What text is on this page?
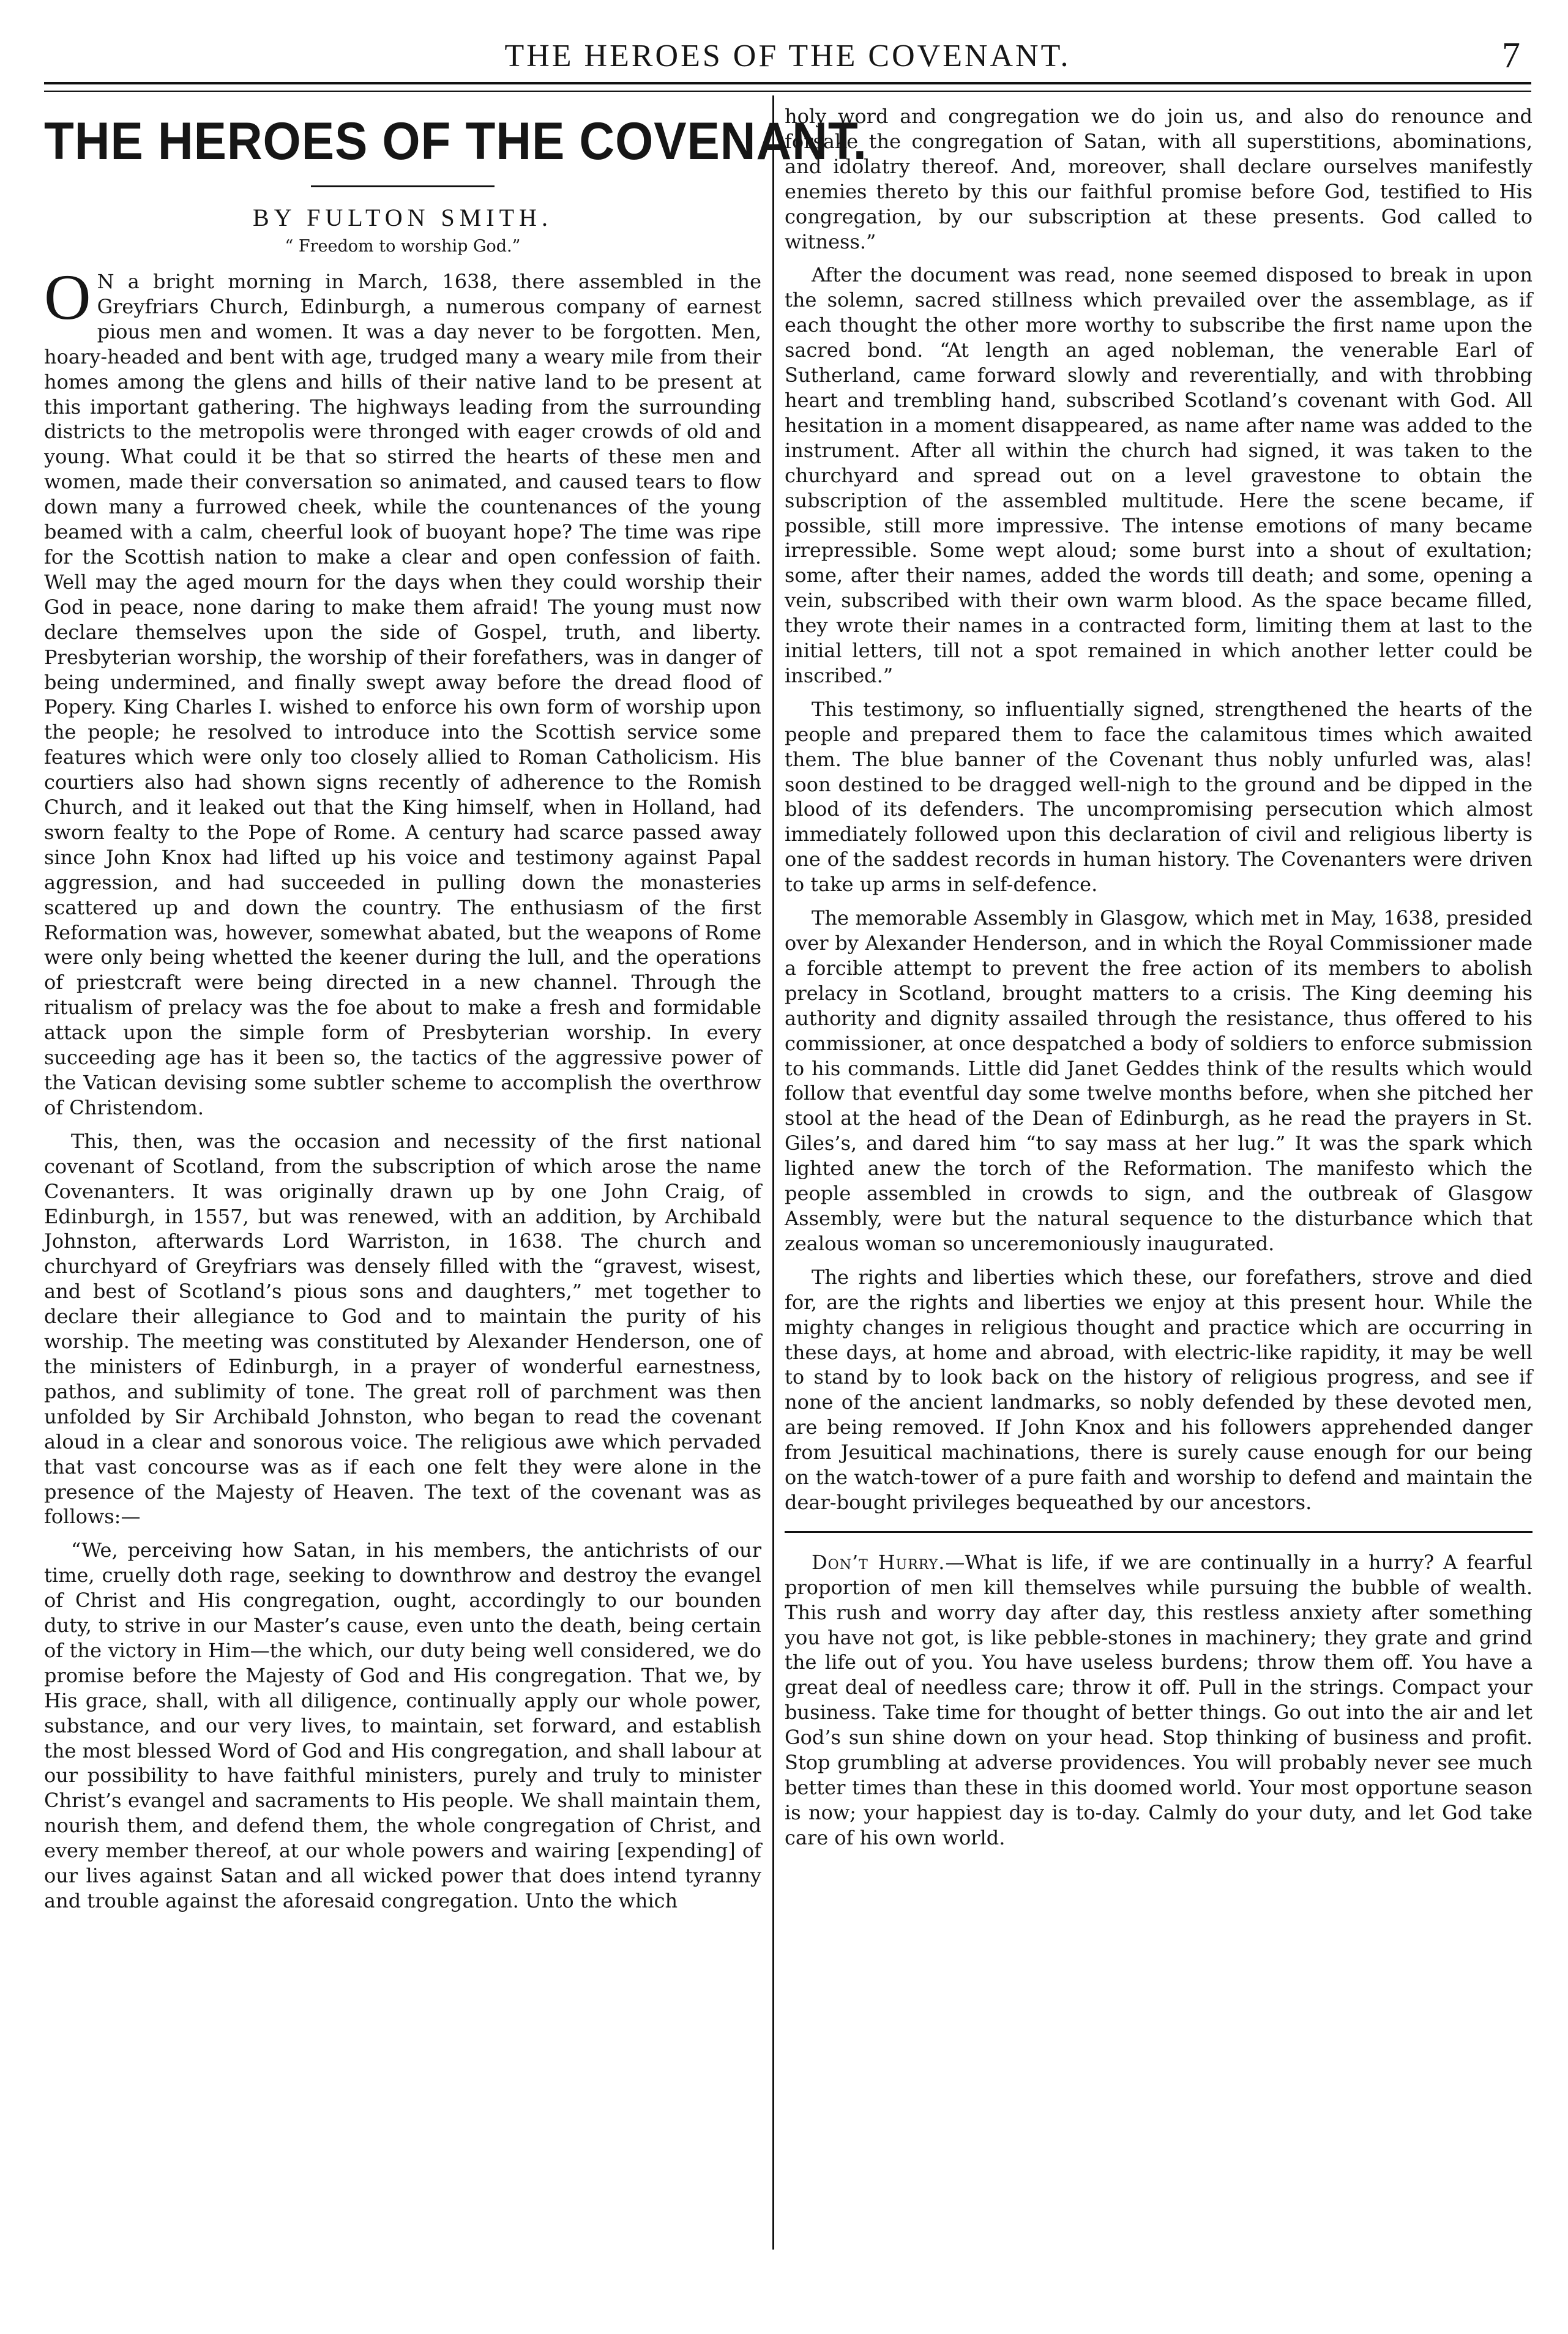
THE HEROES OF THE COVENANT.	7
THE HEROES OF THE COVENANT.
BY FULTON SMITH.
“ Freedom to worship God.”

O N a bright morning in March, 1638, there assembled in the Greyfriars Church, Edinburgh, a numerous company of earnest pious men and women. It was a day never to be forgotten. Men, hoary-headed and bent with age, trudged many a weary mile from their homes among the glens and hills of their native land to be present at this important gathering. The highways leading from the surrounding districts to the metropolis were thronged with eager crowds of old and young. What could it be that so stirred the hearts of these men and women, made their conversation so animated, and caused tears to flow down many a furrowed cheek, while the countenances of the young beamed with a calm, cheerful look of buoyant hope? The time was ripe for the Scottish nation to make a clear and open confession of faith. Well may the aged mourn for the days when they could worship their God in peace, none daring to make them afraid! The young must now declare themselves upon the side of Gospel, truth, and liberty. Presbyterian worship, the worship of their forefathers, was in danger of being undermined, and finally swept away before the dread flood of Popery. King Charles I. wished to enforce his own form of worship upon the people; he resolved to introduce into the Scottish service some features which were only too closely allied to Roman Catholicism. His courtiers also had shown signs recently of adherence to the Romish Church, and it leaked out that the King himself, when in Holland, had sworn fealty to the Pope of Rome. A century had scarce passed away since John Knox had lifted up his voice and testimony against Papal aggression, and had succeeded in pulling down the monasteries scattered up and down the country. The enthusiasm of the first Reformation was, however, somewhat abated, but the weapons of Rome were only being whetted the keener during the lull, and the operations of priestcraft were being directed in a new channel. Through the ritualism of prelacy was the foe about to make a fresh and formidable attack upon the simple form of Presbyterian worship. In every succeeding age has it been so, the tactics of the aggressive power of the Vatican devising some subtler scheme to accomplish the overthrow of Christendom.

This, then, was the occasion and necessity of the first national covenant of Scotland, from the subscription of which arose the name Covenanters. It was originally drawn up by one John Craig, of Edinburgh, in 1557, but was renewed, with an addition, by Archibald Johnston, afterwards Lord Warriston, in 1638. The church and churchyard of Greyfriars was densely filled with the “gravest, wisest, and best of Scotland’s pious sons and daughters,” met together to declare their allegiance to God and to maintain the purity of his worship. The meeting was constituted by Alexander Henderson, one of the ministers of Edinburgh, in a prayer of wonderful earnestness, pathos, and sublimity of tone. The great roll of parchment was then unfolded by Sir Archibald Johnston, who began to read the covenant aloud in a clear and sonorous voice. The religious awe which pervaded that vast concourse was as if each one felt they were alone in the presence of the Majesty of Heaven. The text of the covenant was as follows:—

“We, perceiving how Satan, in his members, the antichrists of our time, cruelly doth rage, seeking to downthrow and destroy the evangel of Christ and His congregation, ought, accordingly to our bounden duty, to strive in our Master’s cause, even unto the death, being certain of the victory in Him—the which, our duty being well considered, we do promise before the Majesty of God and His congregation. That we, by His grace, shall, with all diligence, continually apply our whole power, substance, and our very lives, to maintain, set forward, and establish the most blessed Word of God and His congregation, and shall labour at our possibility to have faithful ministers, purely and truly to minister Christ’s evangel and sacraments to His people. We shall maintain them, nourish them, and defend them, the whole congregation of Christ, and every member thereof, at our whole powers and wairing [expending] of our lives against Satan and all wicked power that does intend tyranny and trouble against the aforesaid congregation. Unto the which

holy word and congregation we do join us, and also do renounce and forsake the congregation of Satan, with all superstitions, abominations, and idolatry thereof. And, moreover, shall declare ourselves manifestly enemies thereto by this our faithful promise before God, testified to His congregation, by our subscription at these presents. God called to witness.”

After the document was read, none seemed disposed to break in upon the solemn, sacred stillness which prevailed over the assemblage, as if each thought the other more worthy to subscribe the first name upon the sacred bond. “At length an aged nobleman, the venerable Earl of Sutherland, came forward slowly and reverentially, and with throbbing heart and trembling hand, subscribed Scotland’s covenant with God. All hesitation in a moment disappeared, as name after name was added to the instrument. After all within the church had signed, it was taken to the churchyard and spread out on a level gravestone to obtain the subscription of the assembled multitude. Here the scene became, if possible, still more impressive. The intense emotions of many became irrepressible. Some wept aloud; some burst into a shout of exultation; some, after their names, added the words till death; and some, opening a vein, subscribed with their own warm blood. As the space became filled, they wrote their names in a contracted form, limiting them at last to the initial letters, till not a spot remained in which another letter could be inscribed.”

This testimony, so influentially signed, strengthened the hearts of the people and prepared them to face the calamitous times which awaited them. The blue banner of the Covenant thus nobly unfurled was, alas! soon destined to be dragged well-nigh to the ground and be dipped in the blood of its defenders. The uncompromising persecution which almost immediately followed upon this declaration of civil and religious liberty is one of the saddest records in human history. The Covenanters were driven to take up arms in self-defence.

The memorable Assembly in Glasgow, which met in May, 1638, presided over by Alexander Henderson, and in which the Royal Commissioner made a forcible attempt to prevent the free action of its members to abolish prelacy in Scotland, brought matters to a crisis. The King deeming his authority and dignity assailed through the resistance, thus offered to his commissioner, at once despatched a body of soldiers to enforce submission to his commands. Little did Janet Geddes think of the results which would follow that eventful day some twelve months before, when she pitched her stool at the head of the Dean of Edinburgh, as he read the prayers in St. Giles’s, and dared him “to say mass at her lug.” It was the spark which lighted anew the torch of the Reformation. The manifesto which the people assembled in crowds to sign, and the outbreak of Glasgow Assembly, were but the natural sequence to the disturbance which that zealous woman so unceremoniously inaugurated.

The rights and liberties which these, our forefathers, strove and died for, are the rights and liberties we enjoy at this present hour. While the mighty changes in religious thought and practice which are occurring in these days, at home and abroad, with electric-like rapidity, it may be well to stand by to look back on the history of religious progress, and see if none of the ancient landmarks, so nobly defended by these devoted men, are being removed. If John Knox and his followers apprehended danger from Jesuitical machinations, there is surely cause enough for our being on the watch-tower of a pure faith and worship to defend and maintain the dear-bought privileges bequeathed by our ancestors.

Don’t Hurry.—What is life, if we are continually in a hurry? A fearful proportion of men kill themselves while pursuing the bubble of wealth. This rush and worry day after day, this restless anxiety after something you have not got, is like pebble-stones in machinery; they grate and grind the life out of you. You have useless burdens; throw them off. You have a great deal of needless care; throw it off. Pull in the strings. Compact your business. Take time for thought of better things. Go out into the air and let God’s sun shine down on your head. Stop thinking of business and profit. Stop grumbling at adverse providences. You will probably never see much better times than these in this doomed world. Your most opportune season is now; your happiest day is to-day. Calmly do your duty, and let God take care of his own world.
